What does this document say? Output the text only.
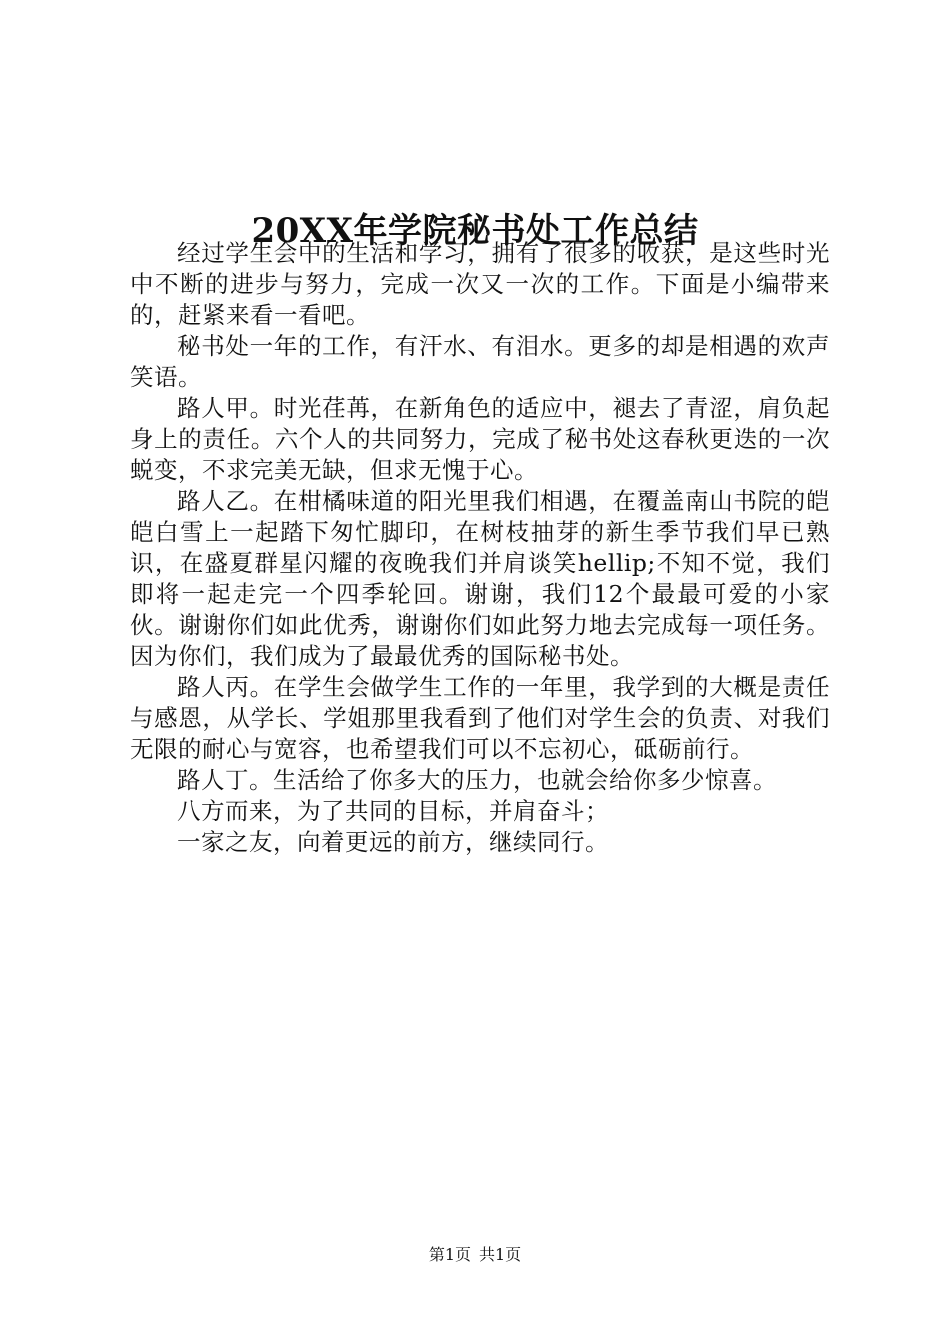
20XX年学院秘书处工作总结

经过学生会中的生活和学习，拥有了很多的收获，是这些时光中不断的进步与努力，完成一次又一次的工作。下面是小编带来的，赶紧来看一看吧。

秘书处一年的工作，有汗水、有泪水。更多的却是相遇的欢声笑语。

路人甲。时光荏苒，在新角色的适应中，褪去了青涩，肩负起身上的责任。六个人的共同努力，完成了秘书处这春秋更迭的一次蜕变，不求完美无缺，但求无愧于心。

路人乙。在柑橘味道的阳光里我们相遇，在覆盖南山书院的皑皑白雪上一起踏下匆忙脚印，在树枝抽芽的新生季节我们早已熟识，在盛夏群星闪耀的夜晚我们并肩谈笑hellip;不知不觉，我们即将一起走完一个四季轮回。谢谢，我们12个最最可爱的小家伙。谢谢你们如此优秀，谢谢你们如此努力地去完成每一项任务。因为你们，我们成为了最最优秀的国际秘书处。

路人丙。在学生会做学生工作的一年里，我学到的大概是责任与感恩，从学长、学姐那里我看到了他们对学生会的负责、对我们无限的耐心与宽容，也希望我们可以不忘初心，砥砺前行。

路人丁。生活给了你多大的压力，也就会给你多少惊喜。

八方而来，为了共同的目标，并肩奋斗；

一家之友，向着更远的前方，继续同行。

第1页 共1页
